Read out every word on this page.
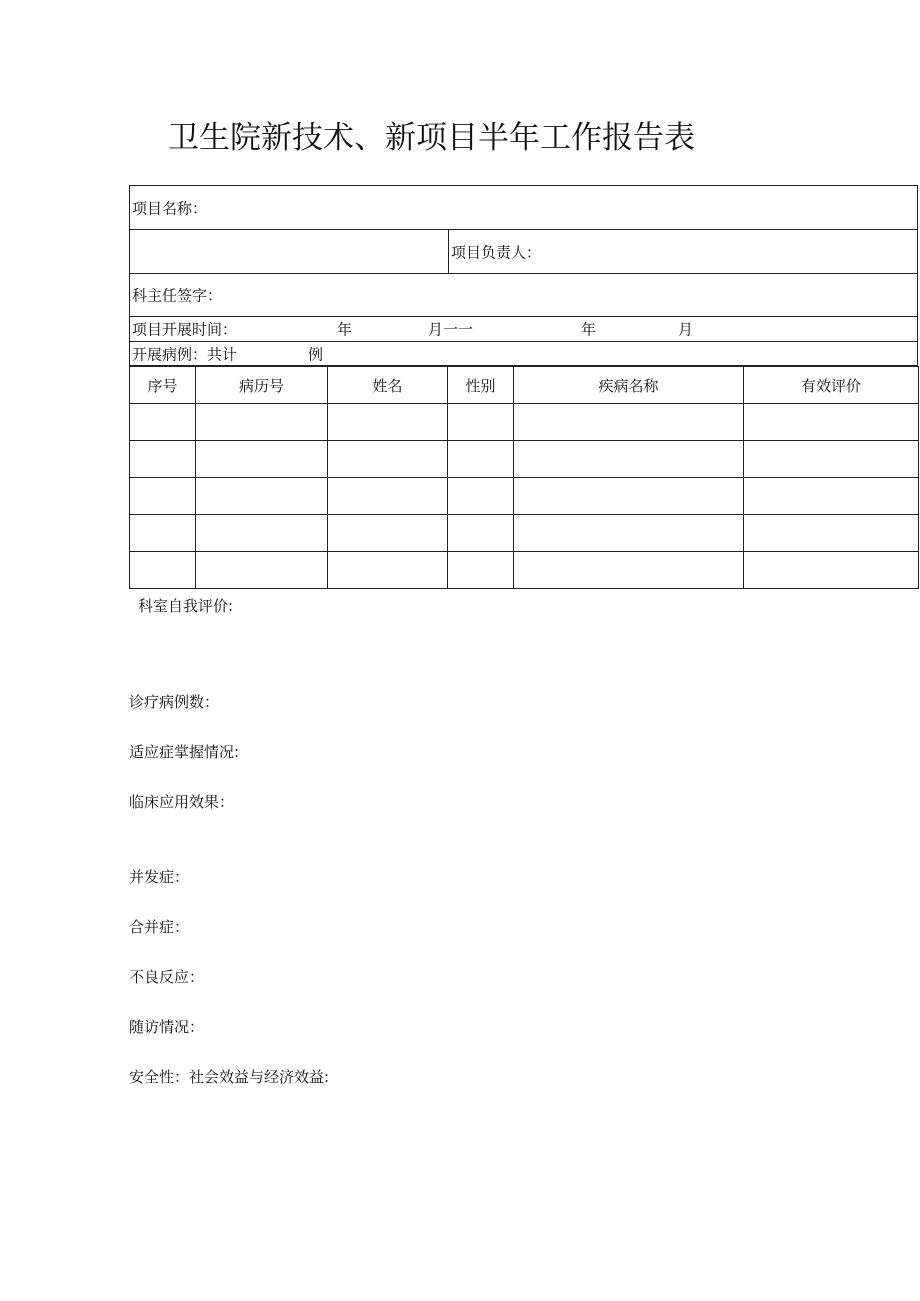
卫生院新技术、新项目半年工作报告表
项目名称：
项目负责人：
科主任签字：
项目开展时间：	年	月一一	年	月
开展病例：共计	例
序号	病历号	姓名	性别	疾病名称	有效评价

科室自我评价:
诊疗病例数：
适应症掌握情况:
临床应用效果：
并发症：
合并症：
不良反应：
随访情况：
安全性：社会效益与经济效益:
